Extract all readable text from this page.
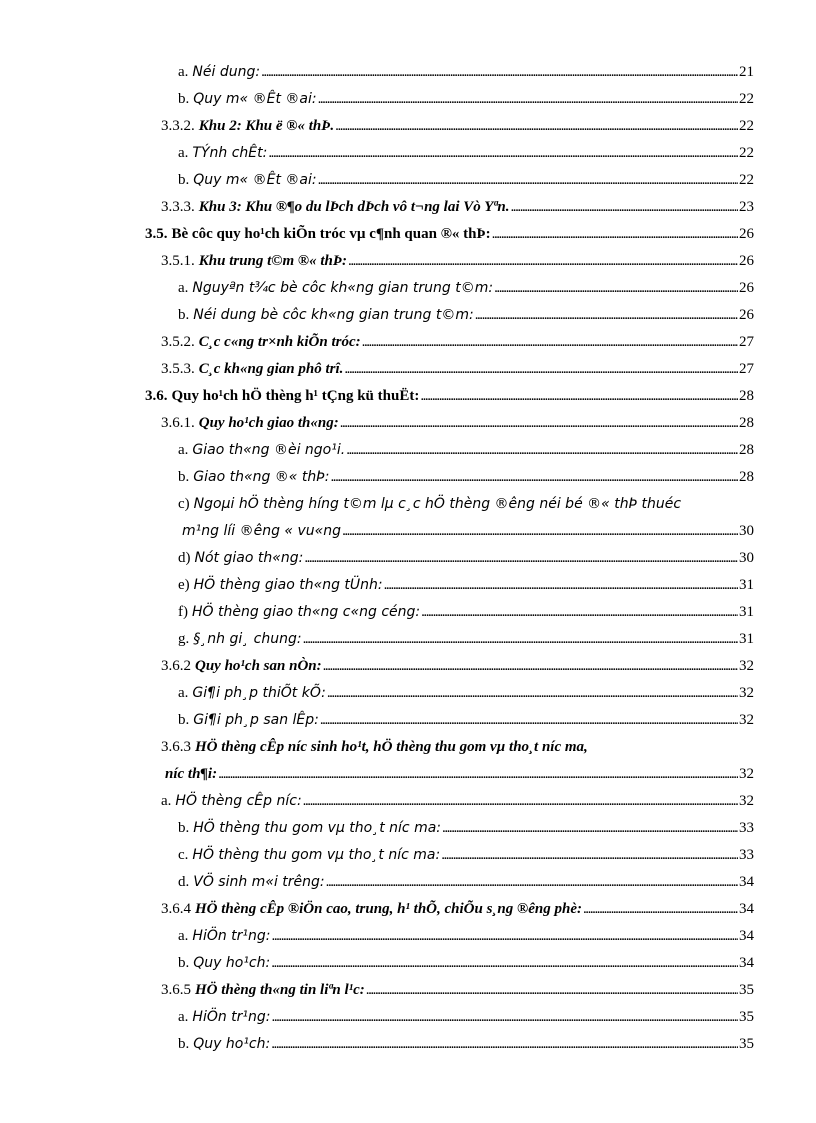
a. Néi dung: . . .	21
b. Quy m« ®Êt ®ai: . . .	22
3.3.2. Khu 2: Khu ë ®« thÞ. . . .	22
a. TÝnh chÊt: . . .	22
b. Quy m« ®Êt ®ai: . . .	22
3.3.3. Khu 3: Khu ®¶o du lÞch dÞch vô t¬ng lai Vò Yªn. . . .	23
3.5. Bè côc quy ho¹ch kiÕn tróc vµ c¶nh quan ®« thÞ: . . .	26
3.5.1. Khu trung t©m ®« thÞ: . . .	26
a. Nguyªn t¾c bè côc kh«ng gian trung t©m: . . .	26
b. Néi dung bè côc kh«ng gian trung t©m: . . .	26
3.5.2. C¸c c«ng tr×nh kiÕn tróc: . . .	27
3.5.3. C¸c kh«ng gian phô trî. . . .	27
3.6. Quy ho¹ch hÖ thèng h¹ tÇng kü thuËt: . . .	28
3.6.1. Quy ho¹ch giao th«ng: . . .	28
a. Giao th«ng ®èi ngo¹i. . . .	28
b. Giao th«ng ®« thÞ: . . .	28
c) Ngoµi hÖ thèng híng t©m lµ c¸c hÖ thèng ®êng néi bé ®« thÞ thuéc
m¹ng líi ®êng « vu«ng . . .	30
d) Nót giao th«ng: . . .	30
e) HÖ thèng giao th«ng tÜnh: . . .	31
f) HÖ thèng giao th«ng c«ng céng: . . .	31
g. §¸nh gi¸ chung: . . .	31
3.6.2 Quy ho¹ch san nÒn: . . .	32
a. Gi¶i ph¸p thiÕt kÕ: . . .	32
b. Gi¶i ph¸p san lÊp: . . .	32
3.6.3 HÖ thèng cÊp níc sinh ho¹t, hÖ thèng thu gom vµ tho¸t níc ma,
níc th¶i: . . .	32
a. HÖ thèng cÊp níc: . . .	32
b. HÖ thèng thu gom vµ tho¸t níc ma: . . .	33
c. HÖ thèng thu gom vµ tho¸t níc ma: . . .	33
d. VÖ sinh m«i trêng: . . .	34
3.6.4 HÖ thèng cÊp ®iÖn cao, trung, h¹ thÕ, chiÕu s¸ng ®êng phè: . . .	34
a. HiÖn tr¹ng: . . .	34
b. Quy ho¹ch: . . .	34
3.6.5 HÖ thèng th«ng tin liªn l¹c: . . .	35
a. HiÖn tr¹ng: . . .	35
b. Quy ho¹ch: . . .	35
